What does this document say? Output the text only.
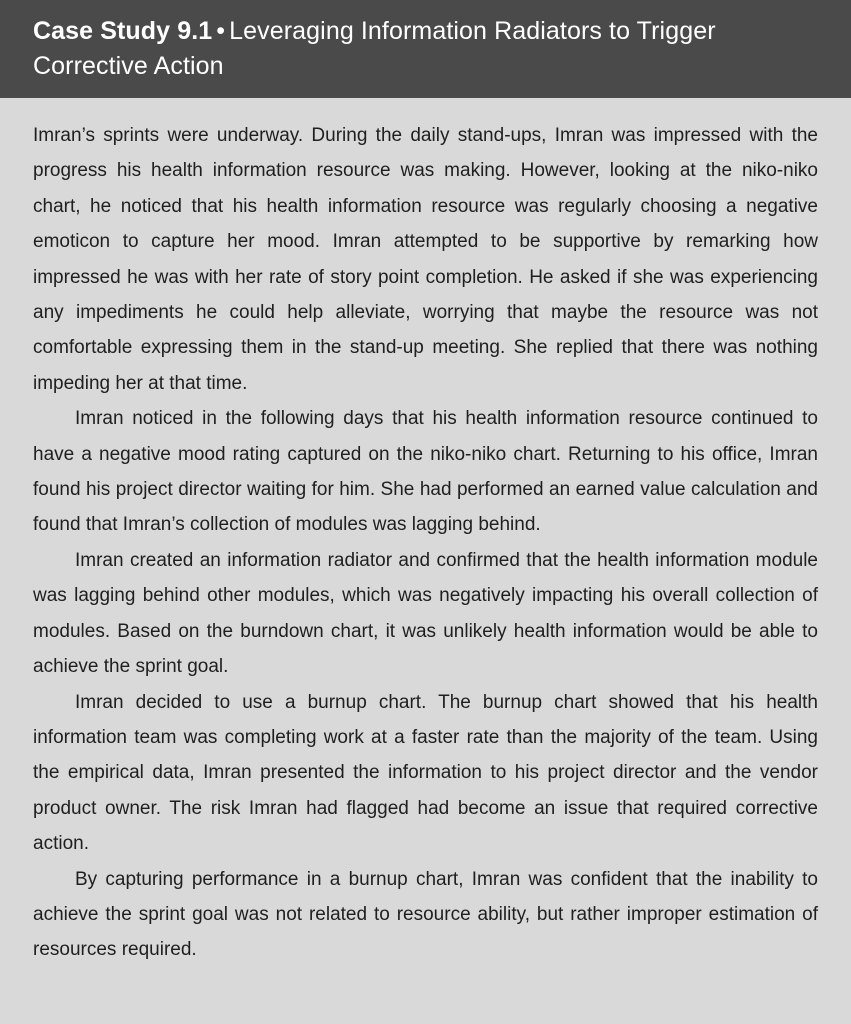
Case Study 9.1 • Leveraging Information Radiators to Trigger Corrective Action

Imran’s sprints were underway. During the daily stand-ups, Imran was impressed with the progress his health information resource was making. However, looking at the niko-niko chart, he noticed that his health information resource was regularly choosing a negative emoticon to capture her mood. Imran attempted to be supportive by remarking how impressed he was with her rate of story point completion. He asked if she was experiencing any impediments he could help alleviate, worrying that maybe the resource was not comfortable expressing them in the stand-up meeting. She replied that there was nothing impeding her at that time.

Imran noticed in the following days that his health information resource continued to have a negative mood rating captured on the niko-niko chart. Returning to his office, Imran found his project director waiting for him. She had performed an earned value calculation and found that Imran’s collection of modules was lagging behind.

Imran created an information radiator and confirmed that the health information module was lagging behind other modules, which was negatively impacting his overall collection of modules. Based on the burndown chart, it was unlikely health information would be able to achieve the sprint goal.

Imran decided to use a burnup chart. The burnup chart showed that his health information team was completing work at a faster rate than the majority of the team. Using the empirical data, Imran presented the information to his project director and the vendor product owner. The risk Imran had flagged had become an issue that required corrective action.

By capturing performance in a burnup chart, Imran was confident that the inability to achieve the sprint goal was not related to resource ability, but rather improper estimation of resources required.
